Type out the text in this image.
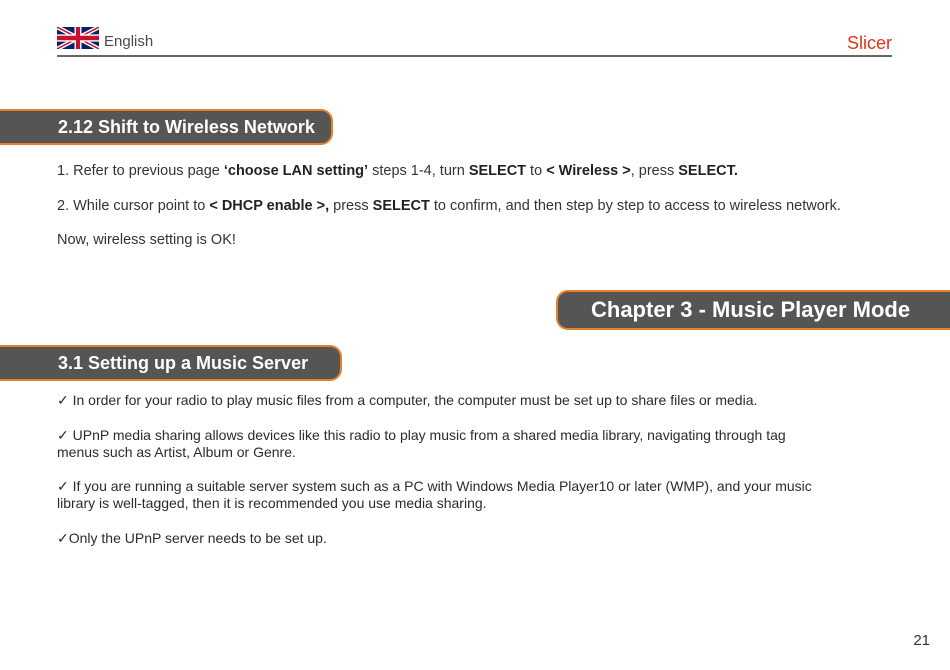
English	Slicer
2.12 Shift to Wireless Network
1. Refer to previous page ‘choose LAN setting’ steps 1-4, turn SELECT to < Wireless >, press SELECT.
2. While cursor point to < DHCP enable >, press SELECT to confirm, and then step by step to access to wireless network.
Now, wireless setting is OK!
Chapter 3 - Music Player Mode
3.1 Setting up a Music Server
✓ In order for your radio to play music files from a computer, the computer must be set up to share files or media.
✓ UPnP media sharing allows devices like this radio to play music from a shared media library, navigating through tag menus such as Artist, Album or Genre.
✓ If you are running a suitable server system such as a PC with Windows Media Player10 or later (WMP), and your music library is well-tagged, then it is recommended you use media sharing.
✓Only the UPnP server needs to be set up.
21
